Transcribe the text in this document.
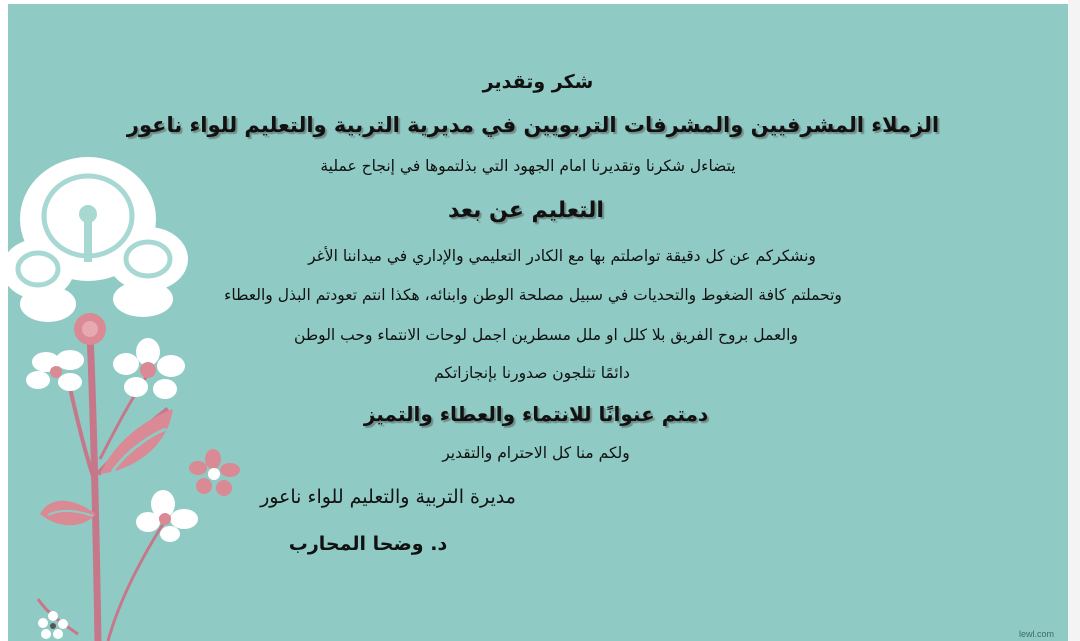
شكر وتقدير
الزملاء المشرفيين والمشرفات التربويين في مديرية التربية والتعليم للواء ناعور
يتضاءل شكرنا وتقديرنا امام الجهود التي بذلتموها في إنجاح عملية
التعليم عن بعد
ونشكركم عن كل دقيقة تواصلتم بها مع الكادر التعليمي والإداري في ميداننا الأغر
وتحملتم كافة الضغوط والتحديات في سبيل مصلحة الوطن وابنائه، هكذا انتم تعودتم البذل والعطاء
والعمل بروح الفريق بلا كلل او ملل مسطرين اجمل لوحات الانتماء وحب الوطن
دائمًا تثلجون صدورنا بإنجازاتكم
دمتم عنوانًا للانتماء والعطاء والتميز
ولكم منا كل الاحترام والتقدير
مديرة التربية والتعليم للواء ناعور
د. وضحا المحارب
lewl.com
